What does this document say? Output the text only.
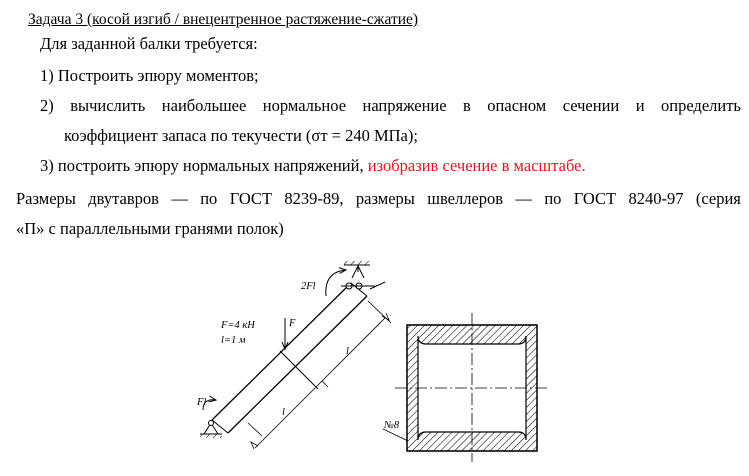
Задача 3 (косой изгиб / внецентренное растяжение-сжатие)
Для заданной балки требуется:
1) Построить эпюру моментов;
2) вычислить наибольшее нормальное напряжение в опасном сечении и определить
коэффициент запаса по текучести (σт = 240 МПа);
3) построить эпюру нормальных напряжений, изобразив сечение в масштабе.
Размеры двутавров — по ГОСТ 8239-89, размеры швеллеров — по ГОСТ 8240-97 (серия
«П» с параллельными гранями полок)
2Fl
F
F=4 кН
l=1 м
l
l
Fl
№8
